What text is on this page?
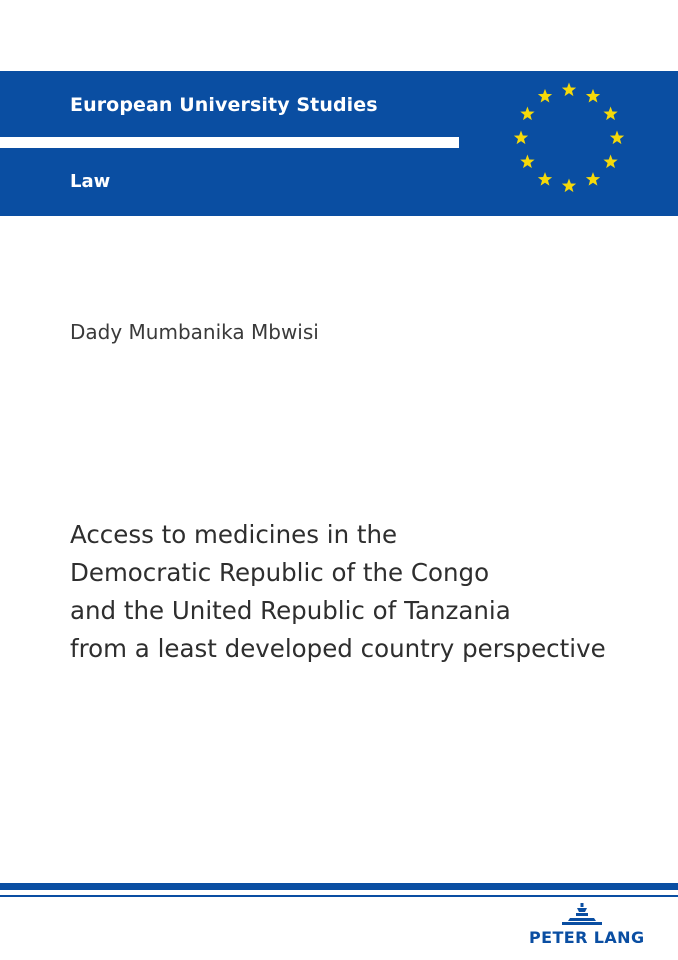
European University Studies
Law
Dady Mumbanika Mbwisi
Access to medicines in the
Democratic Republic of the Congo
and the United Republic of Tanzania
from a least developed country perspective
PETER LANG
